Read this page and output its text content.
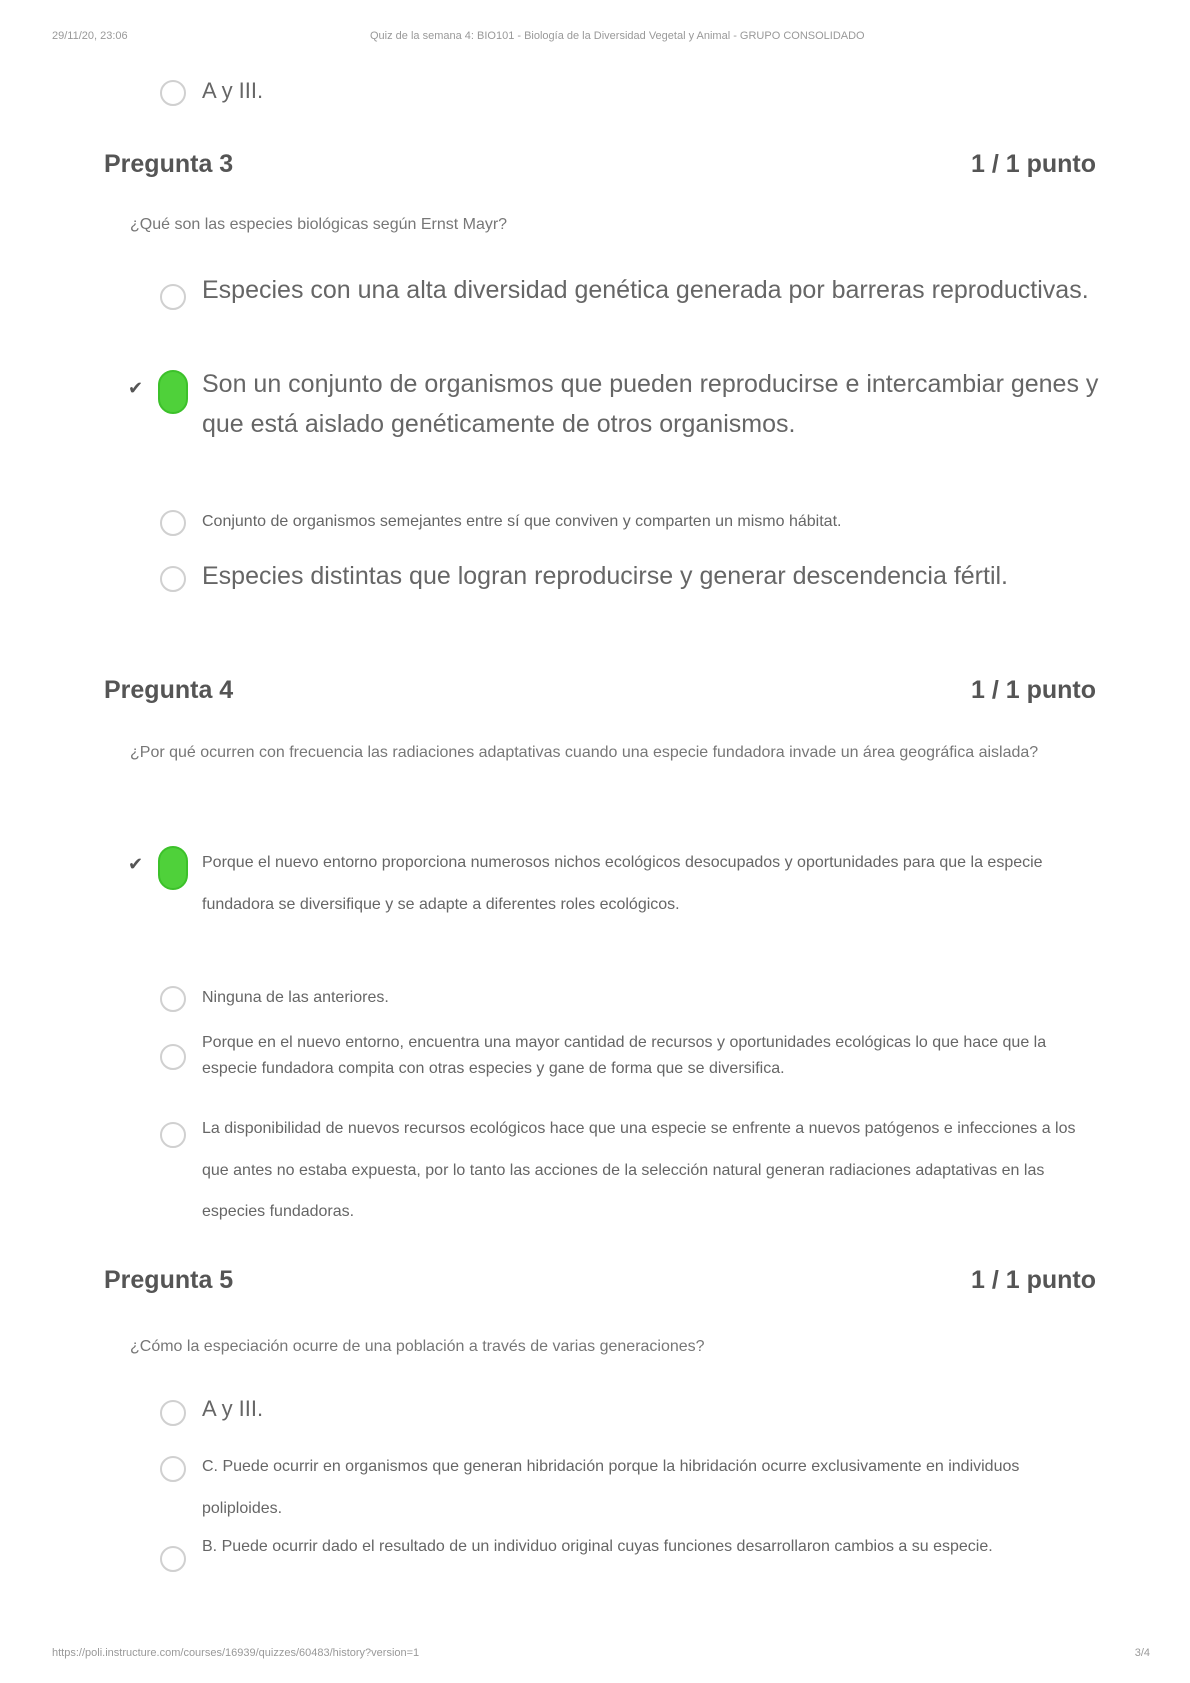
29/11/20, 23:06	Quiz de la semana 4: BIO101 - Biología de la Diversidad Vegetal y Animal - GRUPO CONSOLIDADO
A y III.
Pregunta 3	1 / 1 punto
¿Qué son las especies biológicas según Ernst Mayr?
Especies con una alta diversidad genética generada por barreras reproductivas.
✔ Son un conjunto de organismos que pueden reproducirse e intercambiar genes y que está aislado genéticamente de otros organismos.
Conjunto de organismos semejantes entre sí que conviven y comparten un mismo hábitat.
Especies distintas que logran reproducirse y generar descendencia fértil.
Pregunta 4	1 / 1 punto
¿Por qué ocurren con frecuencia las radiaciones adaptativas cuando una especie fundadora invade un área geográfica aislada?
✔	Porque el nuevo entorno proporciona numerosos nichos ecológicos desocupados y oportunidades para que la especie fundadora se diversifique y se adapte a diferentes roles ecológicos.
Ninguna de las anteriores.
Porque en el nuevo entorno, encuentra una mayor cantidad de recursos y oportunidades ecológicas lo que hace que la especie fundadora compita con otras especies y gane de forma que se diversifica.
La disponibilidad de nuevos recursos ecológicos hace que una especie se enfrente a nuevos patógenos e infecciones a los que antes no estaba expuesta, por lo tanto las acciones de la selección natural generan radiaciones adaptativas en las especies fundadoras.
Pregunta 5	1 / 1 punto
¿Cómo la especiación ocurre de una población a través de varias generaciones?
A y III.
C. Puede ocurrir en organismos que generan hibridación porque la hibridación ocurre exclusivamente en individuos poliploides.
B. Puede ocurrir dado el resultado de un individuo original cuyas funciones desarrollaron cambios a su especie.
https://poli.instructure.com/courses/16939/quizzes/60483/history?version=1	3/4
